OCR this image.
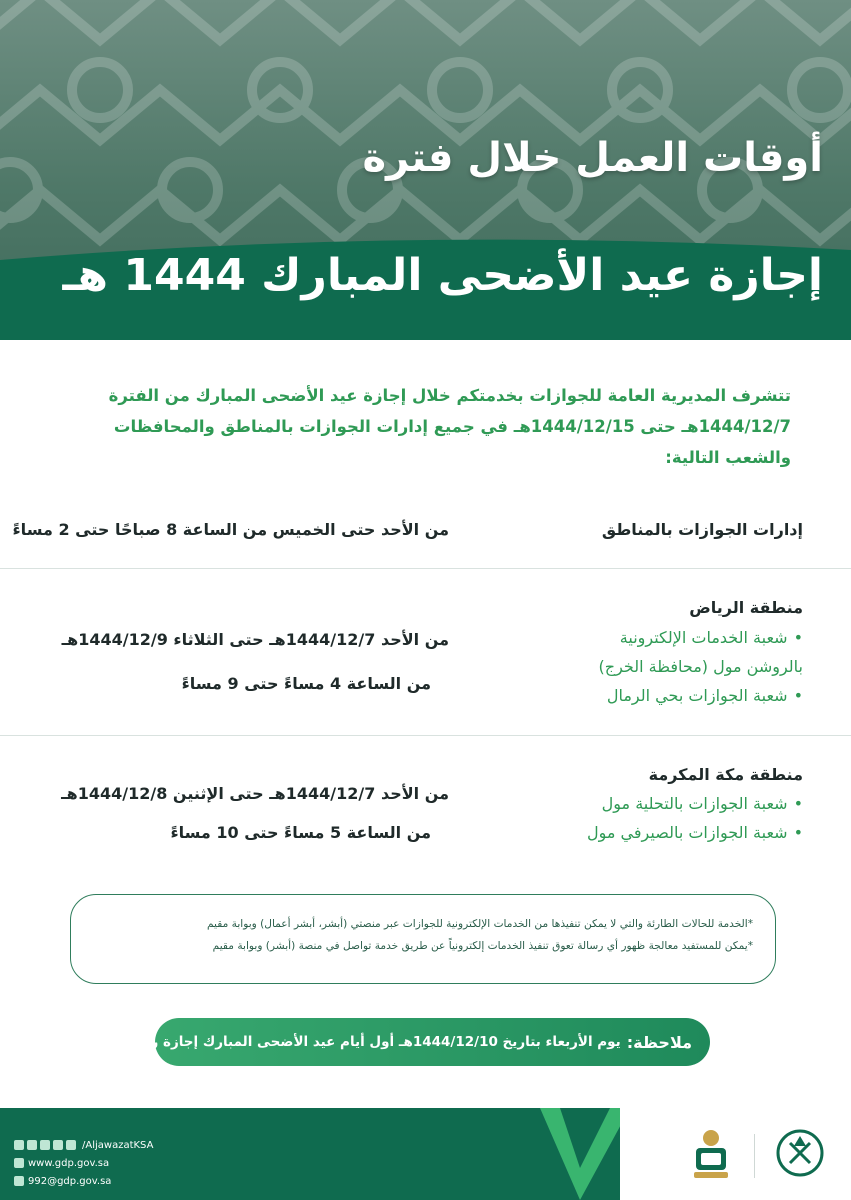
أوقات العمل خلال فترة
إجازة عيد الأضحى المبارك 1444 هـ

تتشرف المديرية العامة للجوازات بخدمتكم خلال إجازة عيد الأضحى المبارك من الفترة

1444/12/7هـ حتى 1444/12/15هـ في جميع إدارات الجوازات بالمناطق والمحافظات

والشعب التالية:

إدارات الجوازات بالمناطق
من الأحد حتى الخميس من الساعة 8 صباحًا حتى 2 مساءً
منطقة الرياض
•شعبة الخدمات الإلكترونية
بالروشن مول (محافظة الخرج)
•شعبة الجوازات بحي الرمال
من الأحد 1444/12/7هـ حتى الثلاثاء 1444/12/9هـ
من الساعة 4 مساءً حتى 9 مساءً
منطقة مكة المكرمة
•شعبة الجوازات بالتحلية مول
•شعبة الجوازات بالصيرفي مول
من الأحد 1444/12/7هـ حتى الإثنين 1444/12/8هـ
من الساعة 5 مساءً حتى 10 مساءً

*الخدمة للحالات الطارئة والتي لا يمكن تنفيذها من الخدمات الإلكترونية للجوازات عبر منصتي (أبشر، أبشر أعمال) وبوابة مقيم

*يمكن للمستفيد معالجة ظهور أي رسالة تعوق تنفيذ الخدمات إلكترونياً عن طريق خدمة تواصل في منصة (أبشر) وبوابة مقيم

ملاحظة:
يوم الأربعاء بتاريخ 1444/12/10هـ أول أيام عيد الأضحى المبارك إجازة رسمية
/AljawazatKSA
www.gdp.gov.sa
992@gdp.gov.sa
